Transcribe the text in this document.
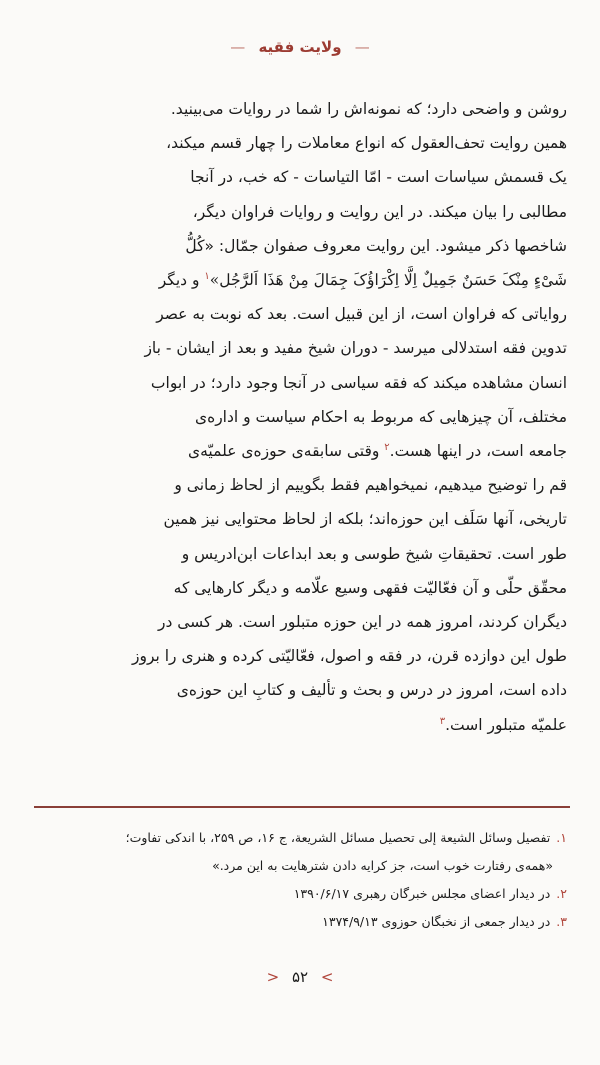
— ولایت فقیه —
روشن و واضحی دارد؛ که نمونه‌اش را شما در روایات می‌بینید.
همین روایت تحف‌العقول که انواع معاملات را چهار قسم میکند،
یک قسمش سیاسات است - امّا التیاسات - که خب، در آنجا
مطالبی را بیان میکند. در این روایت و روایات فراوان دیگر،
شاخصها ذکر میشود. این روایت معروف صفوان جمّال: «کُلُّ
شَیْءٍ مِنْکَ حَسَنٌ جَمِیلٌ اِلَّا اِکْرَاؤُکَ جِمَالَ مِنْ هَذَا اَلرَّجُل»$^۱$ و دیگر
روایاتی که فراوان است، از این قبیل است. بعد که نوبت به عصر
تدوین فقه استدلالی میرسد - دوران شیخ مفید و بعد از ایشان - باز
انسان مشاهده میکند که فقه سیاسی در آنجا وجود دارد؛ در ابواب
مختلف، آن چیزهایی که مربوط به احکام سیاست و اداره‌ی
جامعه است، در اینها هست.$^۲$ وقتی سابقه‌ی حوزه‌ی علمیّه‌ی
قم را توضیح میدهیم، نمیخواهیم فقط بگوییم از لحاظ زمانی و
تاریخی، آنها سَلَف این حوزه‌اند؛ بلکه از لحاظ محتوایی نیز همین
طور است. تحقیقاتِ شیخ طوسی و بعد ابداعات ابن‌ادریس و
محقّق حلّی و آن فعّالیّت فقهی وسیع علّامه و دیگر کارهایی که
دیگران کردند، امروز همه در این حوزه متبلور است. هر کسی در
طول این دوازده قرن، در فقه و اصول، فعّالیّتی کرده و هنری را بروز
داده است، امروز در درس و بحث و تألیف و کتابِ این حوزه‌ی
علمیّه متبلور است.$^۳$
۱.تفصیل وسائل الشیعة إلی تحصیل مسائل الشریعة، ج ۱۶، ص ۲۵۹، با اندکی تفاوت؛
«همه‌ی رفتارت خوب است، جز کرایه دادن شترهایت به این مرد.»
۲.در دیدار اعضای مجلس خبرگان رهبری ۱۳۹۰/۶/۱۷
۳.در دیدار جمعی از نخبگان حوزوی ۱۳۷۴/۹/۱۳
> ۵۲ <
